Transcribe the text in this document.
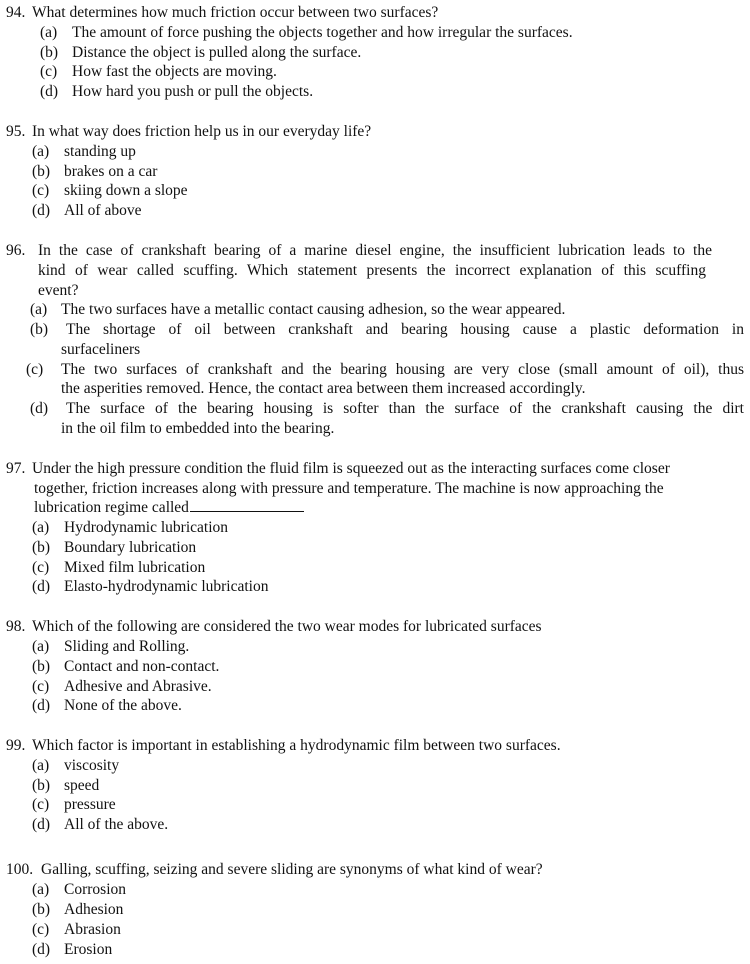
94. What determines how much friction occur between two surfaces?
(a) The amount of force pushing the objects together and how irregular the surfaces.
(b) Distance the object is pulled along the surface.
(c) How fast the objects are moving.
(d) How hard you push or pull the objects.
95. In what way does friction help us in our everyday life?
(a) standing up
(b) brakes on a car
(c) skiing down a slope
(d) All of above
96. In the case of crankshaft bearing of a marine diesel engine, the insufficient lubrication leads to the
kind of wear called scuffing. Which statement presents the incorrect explanation of this scuffing
event?
(a) The two surfaces have a metallic contact causing adhesion, so the wear appeared.
(b) The shortage of oil between crankshaft and bearing housing cause a plastic deformation in
surfaceliners
(c) The two surfaces of crankshaft and the bearing housing are very close (small amount of oil), thus
the asperities removed. Hence, the contact area between them increased accordingly.
(d) The surface of the bearing housing is softer than the surface of the crankshaft causing the dirt
in the oil film to embedded into the bearing.
97. Under the high pressure condition the fluid film is squeezed out as the interacting surfaces come closer
together, friction increases along with pressure and temperature. The machine is now approaching the
lubrication regime called
(a) Hydrodynamic lubrication
(b) Boundary lubrication
(c) Mixed film lubrication
(d) Elasto-hydrodynamic lubrication
98. Which of the following are considered the two wear modes for lubricated surfaces
(a) Sliding and Rolling.
(b) Contact and non-contact.
(c) Adhesive and Abrasive.
(d) None of the above.
99. Which factor is important in establishing a hydrodynamic film between two surfaces.
(a) viscosity
(b) speed
(c) pressure
(d) All of the above.
100. Galling, scuffing, seizing and severe sliding are synonyms of what kind of wear?
(a) Corrosion
(b) Adhesion
(c) Abrasion
(d) Erosion
